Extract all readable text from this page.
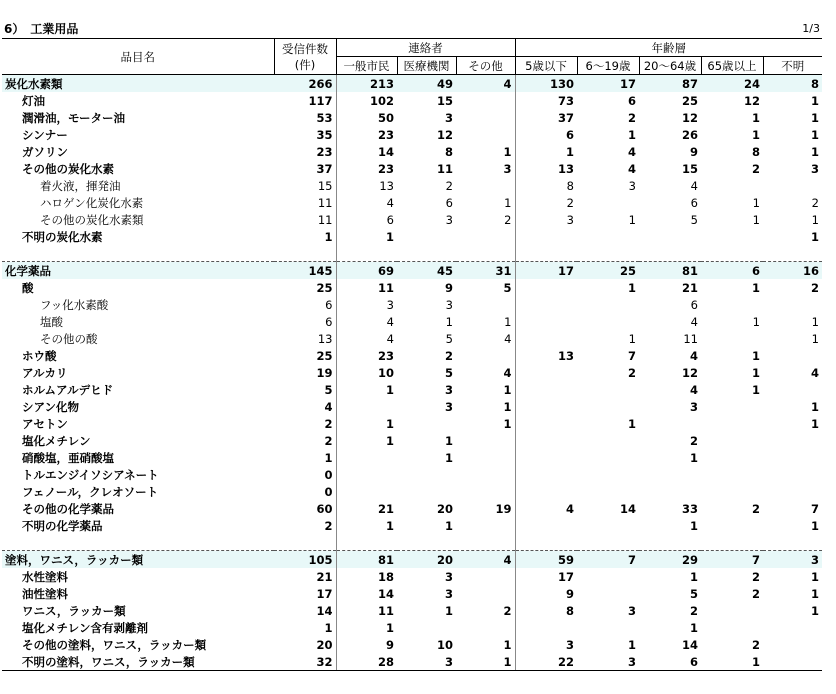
6）　工業用品	1/3
品目名	受信件数
(件)	連絡者			年齢層				
		一般市民	医療機関	その他	5歳以下	6～19歳	20～64歳	65歳以上	不明
炭化水素類	266	213	49	4	130	17	87	24	8
灯油	117	102	15		73	6	25	12	1
潤滑油，モーター油	53	50	3		37	2	12	1	1
シンナー	35	23	12		6	1	26	1	1
ガソリン	23	14	8	1	1	4	9	8	1
その他の炭化水素	37	23	11	3	13	4	15	2	3
着火液，揮発油	15	13	2		8	3	4		
ハロゲン化炭化水素	11	4	6	1	2		6	1	2
その他の炭化水素類	11	6	3	2	3	1	5	1	1
不明の炭化水素	1	1							1

化学薬品	145	69	45	31	17	25	81	6	16
酸	25	11	9	5		1	21	1	2
フッ化水素酸	6	3	3				6		
塩酸	6	4	1	1			4	1	1
その他の酸	13	4	5	4		1	11		1
ホウ酸	25	23	2		13	7	4	1	
アルカリ	19	10	5	4		2	12	1	4
ホルムアルデヒド	5	1	3	1			4	1	
シアン化物	4		3	1			3		1
アセトン	2	1		1		1			1
塩化メチレン	2	1	1				2		
硝酸塩，亜硝酸塩	1		1				1		
トルエンジイソシアネート	0								
フェノール，クレオソート	0								
その他の化学薬品	60	21	20	19	4	14	33	2	7
不明の化学薬品	2	1	1				1		1

塗料，ワニス，ラッカー類	105	81	20	4	59	7	29	7	3
水性塗料	21	18	3		17		1	2	1
油性塗料	17	14	3		9		5	2	1
ワニス，ラッカー類	14	11	1	2	8	3	2		1
塩化メチレン含有剥離剤	1	1					1		
その他の塗料，ワニス，ラッカー類	20	9	10	1	3	1	14	2	
不明の塗料，ワニス，ラッカー類	32	28	3	1	22	3	6	1	
